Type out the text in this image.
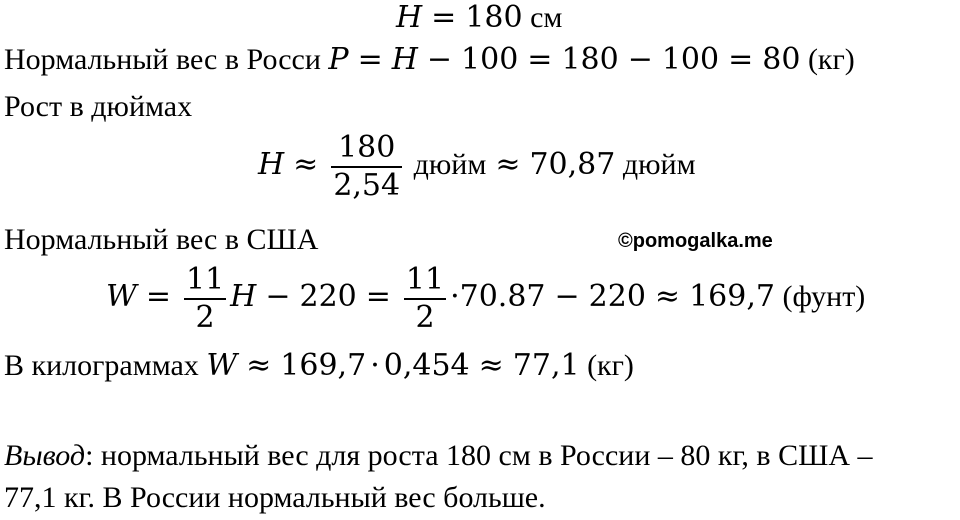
H = 180 см
Нормальный вес в Росси P = H − 100 = 180 − 100 = 80 (кг)
Рост в дюймах
$H \approx \frac{180}{2,54}$ дюйм ≈ 70,87 дюйм
Нормальный вес в США	©pomogalka.me
$W = \frac{11}{2}$ $H - 220 = \frac{11}{2} \cdot 70.87 - 220 \approx 169,7$ (фунт)
В килограммах W ≈ 169,7 · 0,454 ≈ 77,1 (кг)
Вывод: нормальный вес для роста 180 см в России – 80 кг, в США –
77,1 кг. В России нормальный вес больше.
